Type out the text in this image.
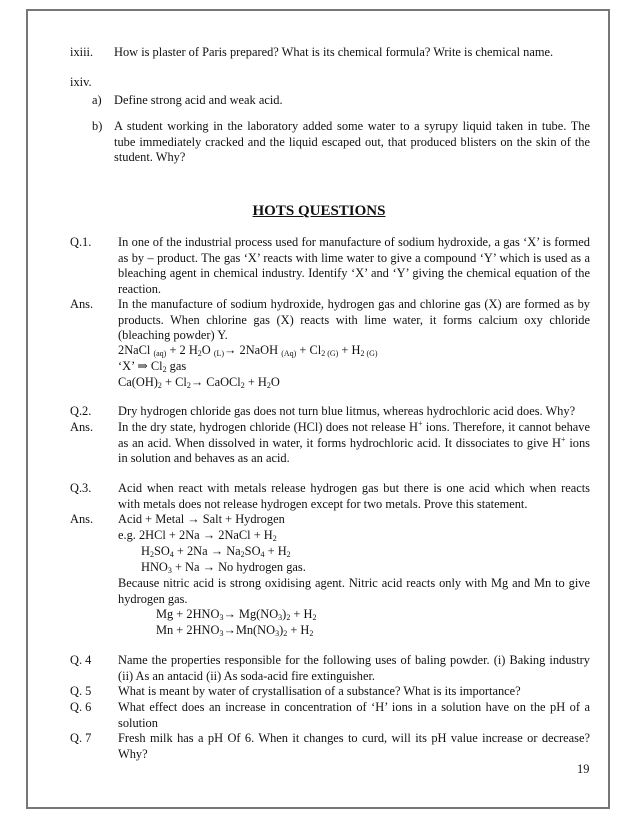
ixiii. How is plaster of Paris prepared? What is its chemical formula? Write is chemical name.
ixiv.
a) Define strong acid and weak acid.
b) A student working in the laboratory added some water to a syrupy liquid taken in tube. The tube immediately cracked and the liquid escaped out, that produced blisters on the skin of the student. Why?
HOTS QUESTIONS
Q.1. In one of the industrial process used for manufacture of sodium hydroxide, a gas ‘X’ is formed as by – product. The gas ‘X’ reacts with lime water to give a compound ‘Y’ which is used as a bleaching agent in chemical industry. Identify ‘X’ and ‘Y’ giving the chemical equation of the reaction.
Ans. In the manufacture of sodium hydroxide, hydrogen gas and chlorine gas (X) are formed as by products. When chlorine gas (X) reacts with lime water, it forms calcium oxy chloride (bleaching powder) Y.
2NaCl $_{(aq)}$ + 2 $H_2O$ $_{(L)}$→ 2NaOH $_{(Aq)} + Cl_{2 (G)} + H_{2 (G)}$
‘X’ ⇒ $Cl_2$ gas
$Ca(OH)_2 + Cl_2\to$ CaOCl$_2$ + $H_2O$
Q.2. Dry hydrogen chloride gas does not turn blue litmus, whereas hydrochloric acid does. Why?
Ans. In the dry state, hydrogen chloride (HCl) does not release H+ ions. Therefore, it cannot behave as an acid. When dissolved in water, it forms hydrochloric acid. It dissociates to give H+ ions in solution and behaves as an acid.
Q.3. Acid when react with metals release hydrogen gas but there is one acid which when reacts with metals does not release hydrogen except for two metals. Prove this statement.
Ans. Acid + Metal → Salt + Hydrogen
e.g. 2HCl + 2Na → 2NaCl + $H_2$
$H_2SO_4 + 2Na \to Na_2SO_4 + H_2$
$HNO_3 + Na \to No$ hydrogen gas.
Because nitric acid is strong oxidising agent. Nitric acid reacts only with Mg and Mn to give hydrogen gas.
$Mg + 2HNO_3\to Mg(NO_3)_2 + H_2$
$Mn + 2HNO_3\to Mn(NO_3)_2 + H_2$
Q. 4 Name the properties responsible for the following uses of baling powder. (i) Baking industry (ii) As an antacid (ii) As soda-acid fire extinguisher.
Q. 5 What is meant by water of crystallisation of a substance? What is its importance?
Q. 6 What effect does an increase in concentration of ‘H’ ions in a solution have on the pH of a solution
Q. 7 Fresh milk has a pH Of 6. When it changes to curd, will its pH value increase or decrease? Why?
19
